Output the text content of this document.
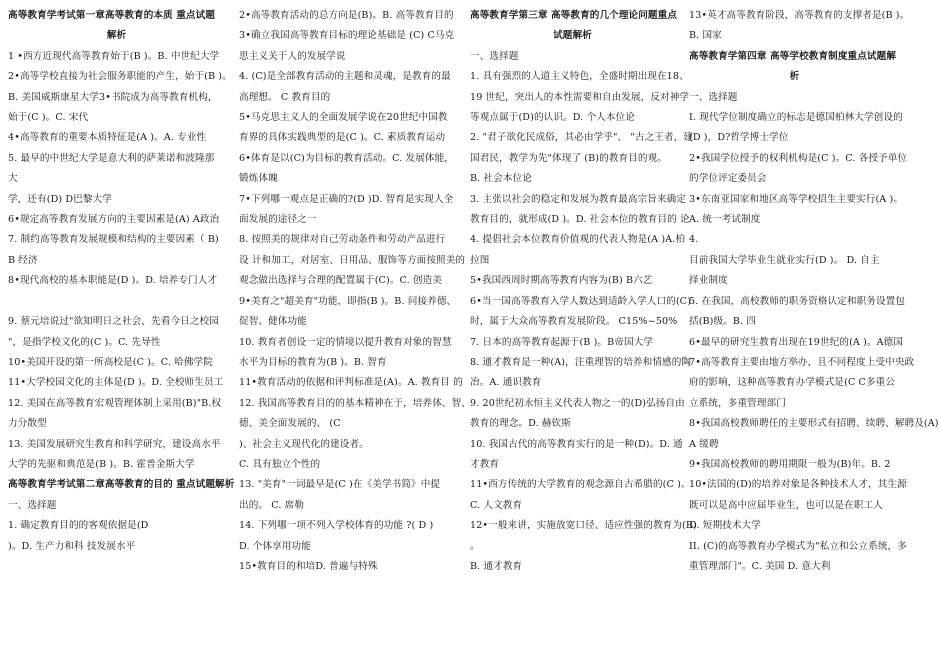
高等教育学考试第一章高等教育的本质 重点试题
解析
1 •西方近现代高等教育始于(B )。B. 中世纪大学
2•高等学校直接为社会服务职能的产生，始于(B )。
B. 美国威斯康星大学3•书院成为高等教育机构，
始于(C )。C. 宋代
4•高等教育的重要本质特征是(A )。A. 专业性
5. 最早的中世纪大学是意大利的萨莱诺和波隆那
大
学，还有(D) D巴黎大学
6•规定高等教育发展方向的主要因素是(A) A政治
7. 制约高等教育发展规模和结构的主要因素（ B)
B 经济
8•现代高校的基本职能是(D )。D. 培养专门人才

9. 蔡元培说过"欲知明日之社会，先看今日之校园
"，是指学校文化的(C )。C. 先导性
10•美国开设的第一所高校是(C )。C. 哈佛学院
11•大学校园文化的主体是(D )。D. 全校师生员工
12. 美国在高等教育宏观管理体制上采用(B)"B.权
力分散型
13. 美国发展研究生教育和科学研究，建设高水平
大学的先驱和典范是(B )。B. 霍普金斯大学
高等教育学考试第二章高等教育的目的 重点试题解析
一、选择题
1. 确定教育目的的客观依据是(D
)。D. 生产力和科 技发展水平
2•高等教育活动的总方向是(B)。B. 高等教育目的
3•确立我国高等教育目标的理论基础是 (C) C马克
思主义关于人的发展学说
4. (C)是全部教育活动的主题和灵魂，是教育的最
高理想。 C 教育目的
5•马克思主义人的全面发展学说在20世纪中国教
育界的具体实践典型的是(C )。C. 素质教育运动
6•体育是以(C)为目标的教育活动。C. 发展体能，
锻炼体魄
7•下列哪一观点是正确的?(D )D. 智育是实现人全
面发展的途径之一
8. 按照美的规律对自己劳动条件和劳动产品进行
设 计和加工，对居室、日用品、服饰等方面按照美的
观念做出选择与合理的配置属于(C)。C. 创造美
9•美育之"超美育"功能，即指(B )。B. 问接养德、
促智、健体功能
10. 教育者创设一定的情境以提升教育对象的智慧
水平为目标的教育为(B )。B. 智育
11•教育活动的依据和评判标准是(A)。A. 教育目 的
12. 我国高等教育目的的基本精神在于，培养体、智、
德、美全面发展的、 (C
)、社会主义现代化的建设者。
C. 具有独立个性的
13. "美育"一词最早是(C )在《美学书简》中提
出的。 C. 席勒
14. 下列哪一项不列入学校体育的功能 ?( D )
D. 个体享用功能
15•教育目的和培D. 普遍与特殊
高等教育学第三章 高等教育的几个理论问题重点
试题解析
一、选择题
1. 具有强烈的人道主义特色，全盛时期出现在18、
19 世纪，突出人的本性需要和自由发展，反对神学
等观点属于(D)的认识。D. 个人本位论
2. "君子欲化民成俗，其必由学乎"、 "古之王者，建
国君民，教学为先"体现了 (B)的教育目的观。
B. 社会本位论
3. 主张以社会的稳定和发展为教育最高宗旨来确定
教育目的，就形成(D )。D. 社会本位的教育目的 论
4. 提倡社会本位教育价值观的代表人物是(A )A.柏
拉图
5•我国西周时期高等教育内容为(B) B六艺
6•当一国高等教育入学人数达到适龄入学人口的(C)
时，属于大众高等教育发展阶段。 C15%~50%
7. 日本的高等教育起源于(B )。B帝国大学
8. 通才教育是一种(A)，注重理智的培养和情感的陶
冶。A. 通识教育
9. 20世纪初永恒主义代表人物之一的(D)弘扬自由
教育的理念。D. 赫钦斯
10. 我国古代的高等教育实行的是一种(D)。D. 通
才教育
11•西方传统的大学教育的观念源自古希腊的(C )。
C. 人文教育
12•一般来讲，实施放宽口径、适应性强的教育为(B)
。
B. 通才教育
13•英才高等教育阶段，高等教育的支撑者是(B )。
B. 国家
高等教育学第四章 高等学校教育制度重点试题解
析
一、选择题
I. 现代学位制度确立的标志是德国柏林大学创设的
(D )，D?哲学博士学位
2•我国学位授予的权利机构是(C )。C. 各授予单位
的学位评定委员会
3•东南亚国家和地区高等学校招生主要实行(A )。
A. 统一考试制度
4.
目前我国大学毕业生就业实行(D )。 D. 自主
择业制度
5. 在我国，高校教师的职务资格认定和职务设置包
括(B)级。B. 四
6•最早的研究生教育出现在19世纪的(A )。A德国
7•高等教育主要由地方举办，且不同程度上受中央政
府的影响，这种高等教育办学模式是(C C多重公
立系统，多重管理部门
8•我国高校教师聘任的主要形式有招聘、续聘、解聘及(A)
A 缓聘
9•我国高校教师的聘用期限一般为(B)年。B. 2
10•法国的(D)的培养对象是各种技术人才，其生源
既可以是高中应届毕业生，也可以是在职工人
D. 短期技术大学
II. (C)的高等教育办学模式为"私立和公立系统，多
重管理部门"。C. 美国 D. 意大利
